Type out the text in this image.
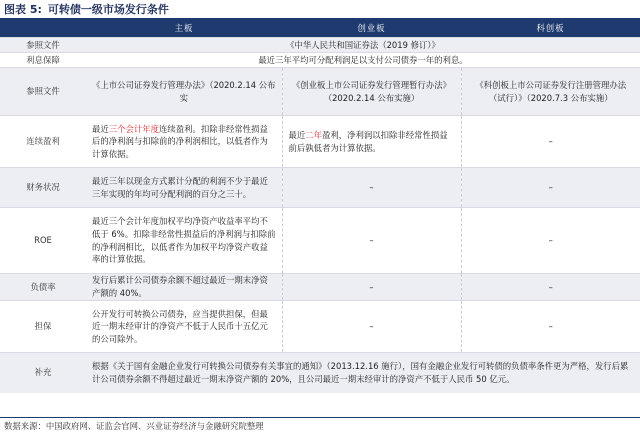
图表 5: 可转债一级市场发行条件
	主板	创业板	科创板
参照文件	《中华人民共和国证券法（2019 修订）》		
利息保障	最近三年平均可分配利润足以支付公司债券一年的利息。		
参照文件	《上市公司证券发行管理办法》（2020.2.14 公布实	《创业板上市公司证券发行管理暂行办法》（2020.2.14 公布实施）	《科创板上市公司证券发行注册管理办法（试行）》（2020.7.3 公布实施）
连续盈利	最近三个会计年度连续盈利。扣除非经常性损益后的净利润与扣除前的净利润相比，以低者作为计算依据。	最近二年盈利，净利润以扣除非经常性损益前后孰低者为计算依据。	–
财务状况	最近三年以现金方式累计分配的利润不少于最近三年实现的年均可分配利润的百分之三十。	–	–
ROE	最近三个会计年度加权平均净资产收益率平均不低于 6%。扣除非经常性损益后的净利润与扣除前的净利润相比，以低者作为加权平均净资产收益率的计算依据。	–	–
负债率	发行后累计公司债券余额不超过最近一期末净资产额的 40%。	–	–
担保	公开发行可转换公司债券，应当提供担保，但最近一期末经审计的净资产不低于人民币十五亿元的公司除外。	–	–
补充	根据《关于国有金融企业发行可转换公司债券有关事宜的通知》（2013.12.16 施行），国有金融企业发行可转债的负债率条件更为严格，发行后累计公司债券余额不得超过最近一期末净资产额的 20%，且公司最近一期末经审计的净资产不低于人民币 50 亿元。		
数据来源：中国政府网、证监会官网、兴业证券经济与金融研究院整理
